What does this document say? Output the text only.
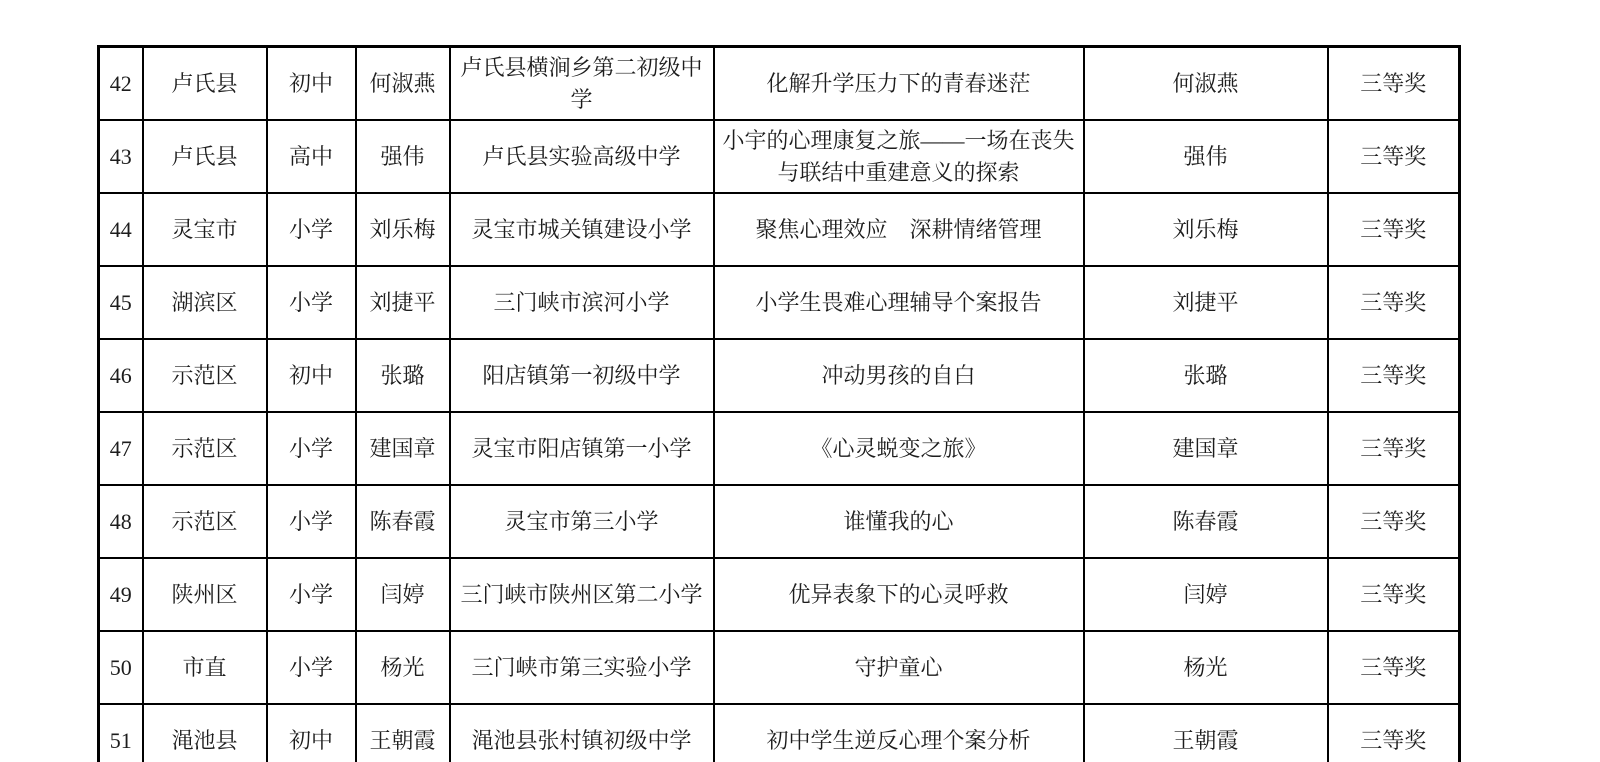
42	卢氏县	初中	何淑燕	卢氏县横涧乡第二初级中学	化解升学压力下的青春迷茫	何淑燕	三等奖
43	卢氏县	高中	强伟	卢氏县实验高级中学	小宇的心理康复之旅——一场在丧失与联结中重建意义的探索	强伟	三等奖
44	灵宝市	小学	刘乐梅	灵宝市城关镇建设小学	聚焦心理效应　深耕情绪管理	刘乐梅	三等奖
45	湖滨区	小学	刘捷平	三门峡市滨河小学	小学生畏难心理辅导个案报告	刘捷平	三等奖
46	示范区	初中	张璐	阳店镇第一初级中学	冲动男孩的自白	张璐	三等奖
47	示范区	小学	建国章	灵宝市阳店镇第一小学	《心灵蜕变之旅》	建国章	三等奖
48	示范区	小学	陈春霞	灵宝市第三小学	谁懂我的心	陈春霞	三等奖
49	陕州区	小学	闫婷	三门峡市陕州区第二小学	优异表象下的心灵呼救	闫婷	三等奖
50	市直	小学	杨光	三门峡市第三实验小学	守护童心	杨光	三等奖
51	渑池县	初中	王朝霞	渑池县张村镇初级中学	初中学生逆反心理个案分析	王朝霞	三等奖
